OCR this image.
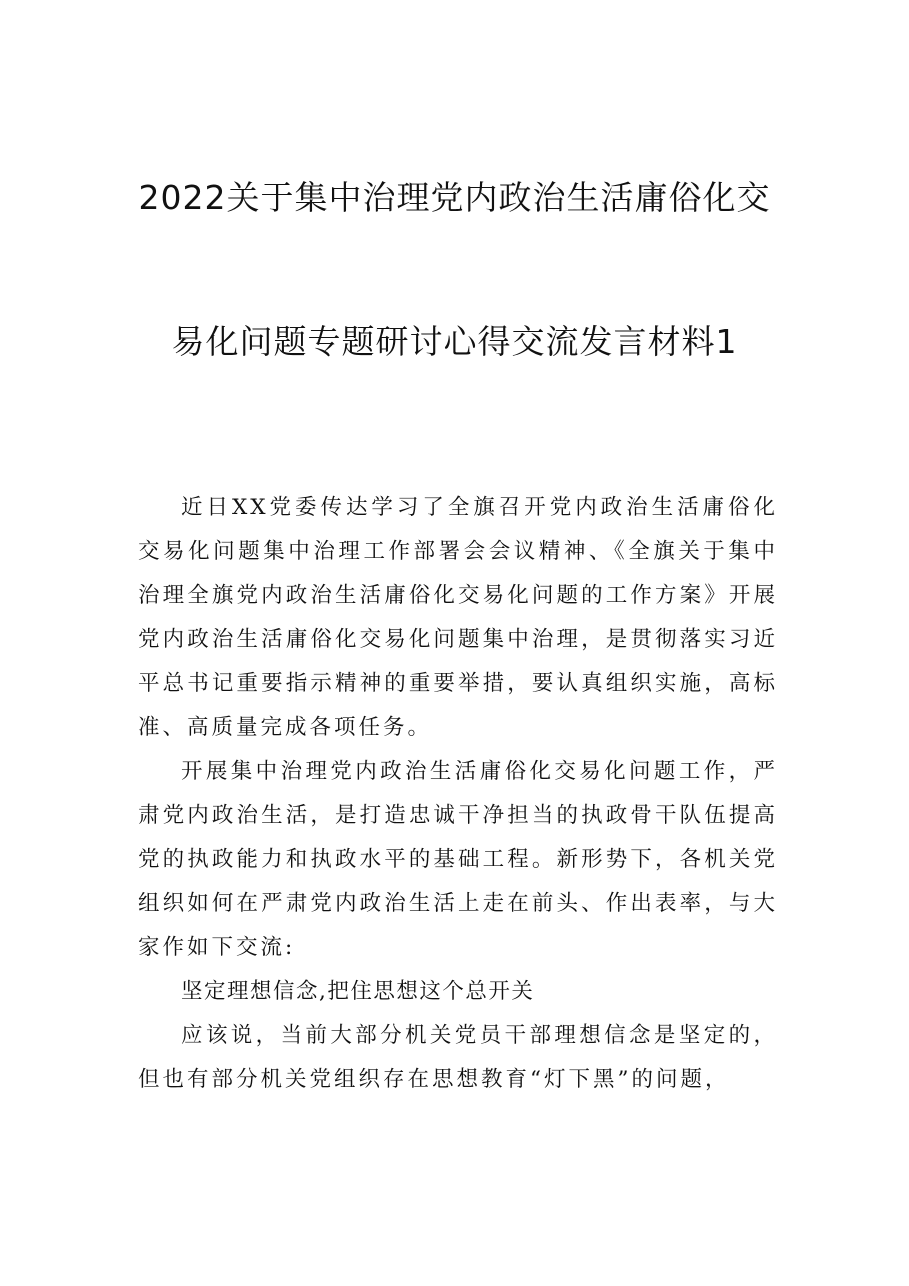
2022关于集中治理党内政治生活庸俗化交
易化问题专题研讨心得交流发言材料1

近日XX党委传达学习了全旗召开党内政治生活庸俗化交易化问题集中治理工作部署会会议精神、《全旗关于集中治理全旗党内政治生活庸俗化交易化问题的工作方案》开展党内政治生活庸俗化交易化问题集中治理，是贯彻落实习近平总书记重要指示精神的重要举措，要认真组织实施，高标准、高质量完成各项任务。

开展集中治理党内政治生活庸俗化交易化问题工作，严肃党内政治生活，是打造忠诚干净担当的执政骨干队伍提高党的执政能力和执政水平的基础工程。新形势下，各机关党组织如何在严肃党内政治生活上走在前头、作出表率，与大家作如下交流:

坚定理想信念,把住思想这个总开关

应该说，当前大部分机关党员干部理想信念是坚定的，但也有部分机关党组织存在思想教育“灯下黑”的问题，
